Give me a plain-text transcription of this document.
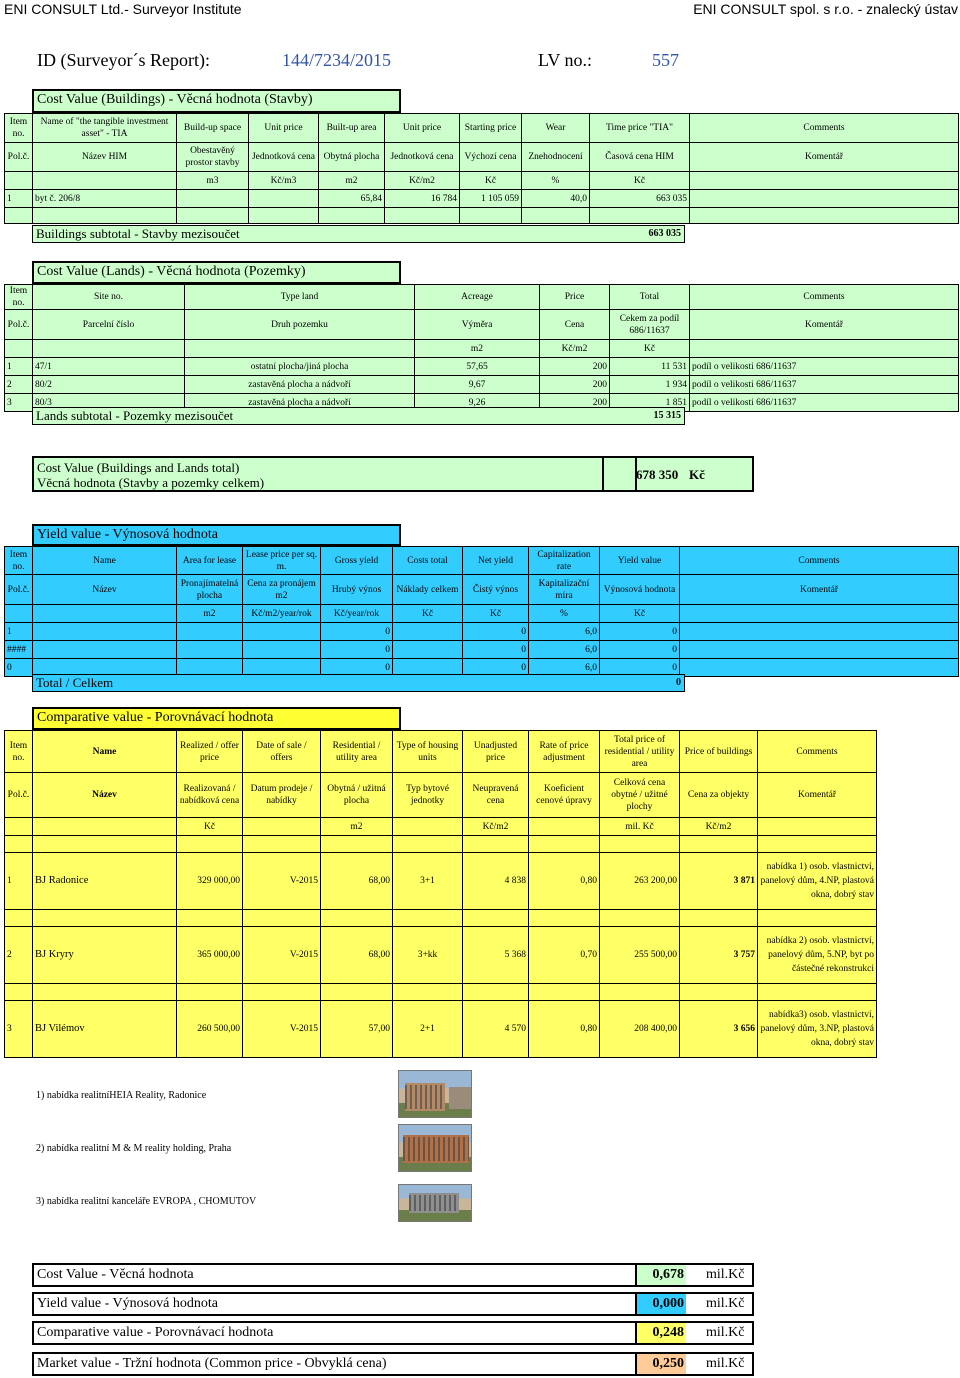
ENI CONSULT Ltd.- Surveyor Institute	ENI CONSULT spol. s r.o. - znalecký ústav
ID (Surveyor´s Report):	144/7234/2015	LV no.:	557
Cost Value (Buildings) - Věcná hodnota (Stavby)
Item no.	Name of "the tangible investment asset" - TIA	Build-up space	Unit price	Built-up area	Unit price	Starting price	Wear	Time price "TIA"	Comments
Pol.č.	Název HIM	Obestavěný prostor stavby	Jednotková cena	Obytná plocha	Jednotková cena	Výchozí cena	Znehodnocení	Časová cena HIM	Komentář
		m3	Kč/m3	m2	Kč/m2	Kč	%	Kč	
1	byt č. 206/8			65,84	16 784	1 105 059	40,0	663 035	

Buildings subtotal - Stavby mezisoučet	663 035
Cost Value (Lands) - Věcná hodnota (Pozemky)
Item no.	Site no.	Type land	Acreage	Price	Total	Comments
Pol.č.	Parcelní číslo	Druh pozemku	Výměra	Cena	Cekem za podíl 686/11637	Komentář
			m2	Kč/m2	Kč	
1	47/1	ostatní plocha/jiná plocha	57,65	200	11 531	podíl o velikosti 686/11637
2	80/2	zastavěná plocha a nádvoří	9,67	200	1 934	podíl o velikosti 686/11637
3	80/3	zastavěná plocha a nádvoří	9,26	200	1 851	podíl o velikosti 686/11637
Lands subtotal - Pozemky mezisoučet	15 315
Cost Value (Buildings and Lands total)
Věcná hodnota (Stavby a pozemky celkem)
678 350 Kč
Yield value - Výnosová hodnota
Item no.	Name	Area for lease	Lease price per sq. m.	Gross yield	Costs total	Net yield	Capitalization rate	Yield value	Comments
Pol.č.	Název	Pronajímatelná plocha	Cena za pronájem m2	Hrubý výnos	Náklady celkem	Čistý výnos	Kapitalizační míra	Výnosová hodnota	Komentář
		m2	Kč/m2/year/rok	Kč/year/rok	Kč	Kč	%	Kč	
1				0		0	6,0	0	
####				0		0	6,0	0	
0				0		0	6,0	0	
Total / Celkem	0
Comparative value - Porovnávací hodnota
Item no.	Name	Realized / offer price	Date of sale / offers	Residential / utility area	Type of housing units	Unadjusted price	Rate of price adjustment	Total price of residential / utility area	Price of buildings	Comments
Pol.č.	Název	Realizovaná / nabídková cena	Datum prodeje / nabídky	Obytná / užitná plocha	Typ bytové jednotky	Neupravená cena	Koeficient cenové úpravy	Celková cena obytné / užitné plochy	Cena za objekty	Komentář
		Kč		m2		Kč/m2		mil. Kč	Kč/m2	

1	BJ Radonice	329 000,00	V-2015	68,00	3+1	4 838	0,80	263 200,00	3 871	nabídka 1) osob. vlastnictví, panelový dům, 4.NP, plastová okna, dobrý stav

2	BJ Kryry	365 000,00	V-2015	68,00	3+kk	5 368	0,70	255 500,00	3 757	nabídka 2) osob. vlastnictví, panelový dům, 5.NP, byt po částečné rekonstrukci

3	BJ Vilémov	260 500,00	V-2015	57,00	2+1	4 570	0,80	208 400,00	3 656	nabídka3) osob. vlastnictví, panelový dům, 3.NP, plastová okna, dobrý stav
1) nabídka realitníHEIA Reality, Radonice
2) nabídka realitní M & M reality holding, Praha
3) nabídka realitní kanceláře EVROPA , CHOMUTOV
Cost Value - Věcná hodnota	0,678 mil.Kč
Yield value - Výnosová hodnota	0,000 mil.Kč
Comparative value - Porovnávací hodnota	0,248 mil.Kč
Market value - Tržní hodnota (Common price - Obvyklá cena)	0,250 mil.Kč
